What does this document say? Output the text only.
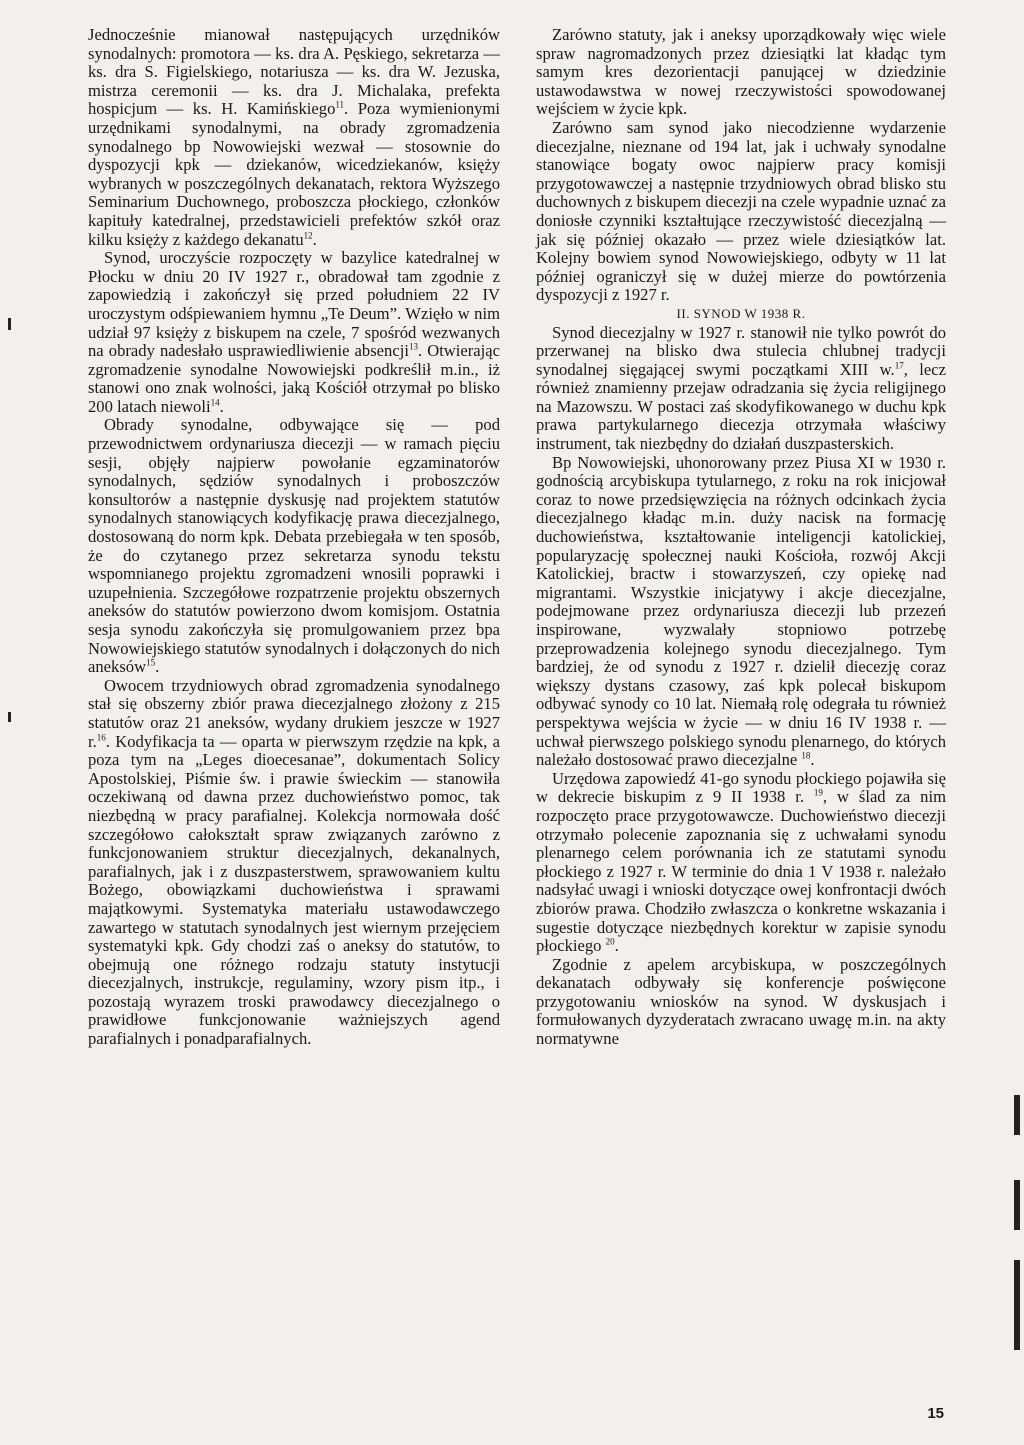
Jednocześnie mianował następujących urzędników synodalnych: promotora — ks. dra A. Pęskiego, sekretarza — ks. dra S. Figielskiego, notariusza — ks. dra W. Jezuska, mistrza ceremonii — ks. dra J. Michalaka, prefekta hospicjum — ks. H. Kamińskiego$^{11}$. Poza wymienionymi urzędnikami synodalnymi, na obrady zgromadzenia synodalnego bp Nowowiejski wezwał — stosownie do dyspozycji kpk — dziekanów, wicedziekanów, księży wybranych w poszczególnych dekanatach, rektora Wyższego Seminarium Duchownego, proboszcza płockiego, członków kapituły katedralnej, przedstawicieli prefektów szkół oraz kilku księży z każdego dekanatu$^{12}$.

Synod, uroczyście rozpoczęty w bazylice katedralnej w Płocku w dniu 20 IV 1927 r., obradował tam zgodnie z zapowiedzią i zakończył się przed południem 22 IV uroczystym odśpiewaniem hymnu „Te Deum”. Wzięło w nim udział 97 księży z biskupem na czele, 7 spośród wezwanych na obrady nadesłało usprawiedliwienie absencji$^{13}$. Otwierając zgromadzenie synodalne Nowowiejski podkreślił m.in., iż stanowi ono znak wolności, jaką Kościół otrzymał po blisko 200 latach niewoli$^{14}$.

Obrady synodalne, odbywające się — pod przewodnictwem ordynariusza diecezji — w ramach pięciu sesji, objęły najpierw powołanie egzaminatorów synodalnych, sędziów synodalnych i proboszczów konsultorów a następnie dyskusję nad projektem statutów synodalnych stanowiących kodyfikację prawa diecezjalnego, dostosowaną do norm kpk. Debata przebiegała w ten sposób, że do czytanego przez sekretarza synodu tekstu wspomnianego projektu zgromadzeni wnosili poprawki i uzupełnienia. Szczegółowe rozpatrzenie projektu obszernych aneksów do statutów powierzono dwom komisjom. Ostatnia sesja synodu zakończyła się promulgowaniem przez bpa Nowowiejskiego statutów synodalnych i dołączonych do nich aneksów$^{15}$.

Owocem trzydniowych obrad zgromadzenia synodalnego stał się obszerny zbiór prawa diecezjalnego złożony z 215 statutów oraz 21 aneksów, wydany drukiem jeszcze w 1927 r.$^{16}$. Kodyfikacja ta — oparta w pierwszym rzędzie na kpk, a poza tym na „Leges dioecesanae”, dokumentach Solicy Apostolskiej, Piśmie św. i prawie świeckim — stanowiła oczekiwaną od dawna przez duchowieństwo pomoc, tak niezbędną w pracy parafialnej. Kolekcja normowała dość szczegółowo całokształt spraw związanych zarówno z funkcjonowaniem struktur diecezjalnych, dekanalnych, parafialnych, jak i z duszpasterstwem, sprawowaniem kultu Bożego, obowiązkami duchowieństwa i sprawami majątkowymi. Systematyka materiału ustawodawczego zawartego w statutach synodalnych jest wiernym przejęciem systematyki kpk. Gdy chodzi zaś o aneksy do statutów, to obejmują one różnego rodzaju statuty instytucji diecezjalnych, instrukcje, regulaminy, wzory pism itp., i pozostają wyrazem troski prawodawcy diecezjalnego o prawidłowe funkcjonowanie ważniejszych agend parafialnych i ponadparafialnych.

Zarówno statuty, jak i aneksy uporządkowały więc wiele spraw nagromadzonych przez dziesiątki lat kładąc tym samym kres dezorientacji panującej w dziedzinie ustawodawstwa w nowej rzeczywistości spowodowanej wejściem w życie kpk.

Zarówno sam synod jako niecodzienne wydarzenie diecezjalne, nieznane od 194 lat, jak i uchwały synodalne stanowiące bogaty owoc najpierw pracy komisji przygotowawczej a następnie trzydniowych obrad blisko stu duchownych z biskupem diecezji na czele wypadnie uznać za doniosłe czynniki kształtujące rzeczywistość diecezjalną — jak się później okazało — przez wiele dziesiątków lat. Kolejny bowiem synod Nowowiejskiego, odbyty w 11 lat później ograniczył się w dużej mierze do powtórzenia dyspozycji z 1927 r.

II. SYNOD W 1938 R.

Synod diecezjalny w 1927 r. stanowił nie tylko powrót do przerwanej na blisko dwa stulecia chlubnej tradycji synodalnej sięgającej swymi początkami XIII w.$^{17}$, lecz również znamienny przejaw odradzania się życia religijnego na Mazowszu. W postaci zaś skodyfikowanego w duchu kpk prawa partykularnego diecezja otrzymała właściwy instrument, tak niezbędny do działań duszpasterskich.

Bp Nowowiejski, uhonorowany przez Piusa XI w 1930 r. godnością arcybiskupa tytularnego, z roku na rok inicjował coraz to nowe przedsięwzięcia na różnych odcinkach życia diecezjalnego kładąc m.in. duży nacisk na formację duchowieństwa, kształtowanie inteligencji katolickiej, popularyzację społecznej nauki Kościoła, rozwój Akcji Katolickiej, bractw i stowarzyszeń, czy opiekę nad migrantami. Wszystkie inicjatywy i akcje diecezjalne, podejmowane przez ordynariusza diecezji lub przezeń inspirowane, wyzwalały stopniowo potrzebę przeprowadzenia kolejnego synodu diecezjalnego. Tym bardziej, że od synodu z 1927 r. dzielił diecezję coraz większy dystans czasowy, zaś kpk polecał biskupom odbywać synody co 10 lat. Niemałą rolę odegrała tu również perspektywa wejścia w życie — w dniu 16 IV 1938 r. — uchwał pierwszego polskiego synodu plenarnego, do których należało dostosować prawo diecezjalne $^{18}$.

Urzędowa zapowiedź 41-go synodu płockiego pojawiła się w dekrecie biskupim z 9 II 1938 r. $^{19}$, w ślad za nim rozpoczęto prace przygotowawcze. Duchowieństwo diecezji otrzymało polecenie zapoznania się z uchwałami synodu plenarnego celem porównania ich ze statutami synodu płockiego z 1927 r. W terminie do dnia 1 V 1938 r. należało nadsyłać uwagi i wnioski dotyczące owej konfrontacji dwóch zbiorów prawa. Chodziło zwłaszcza o konkretne wskazania i sugestie dotyczące niezbędnych korektur w zapisie synodu płockiego $^{20}$.

Zgodnie z apelem arcybiskupa, w poszczególnych dekanatach odbywały się konferencje poświęcone przygotowaniu wniosków na synod. W dyskusjach i formułowanych dyzyderatach zwracano uwagę m.in. na akty normatywne

15
